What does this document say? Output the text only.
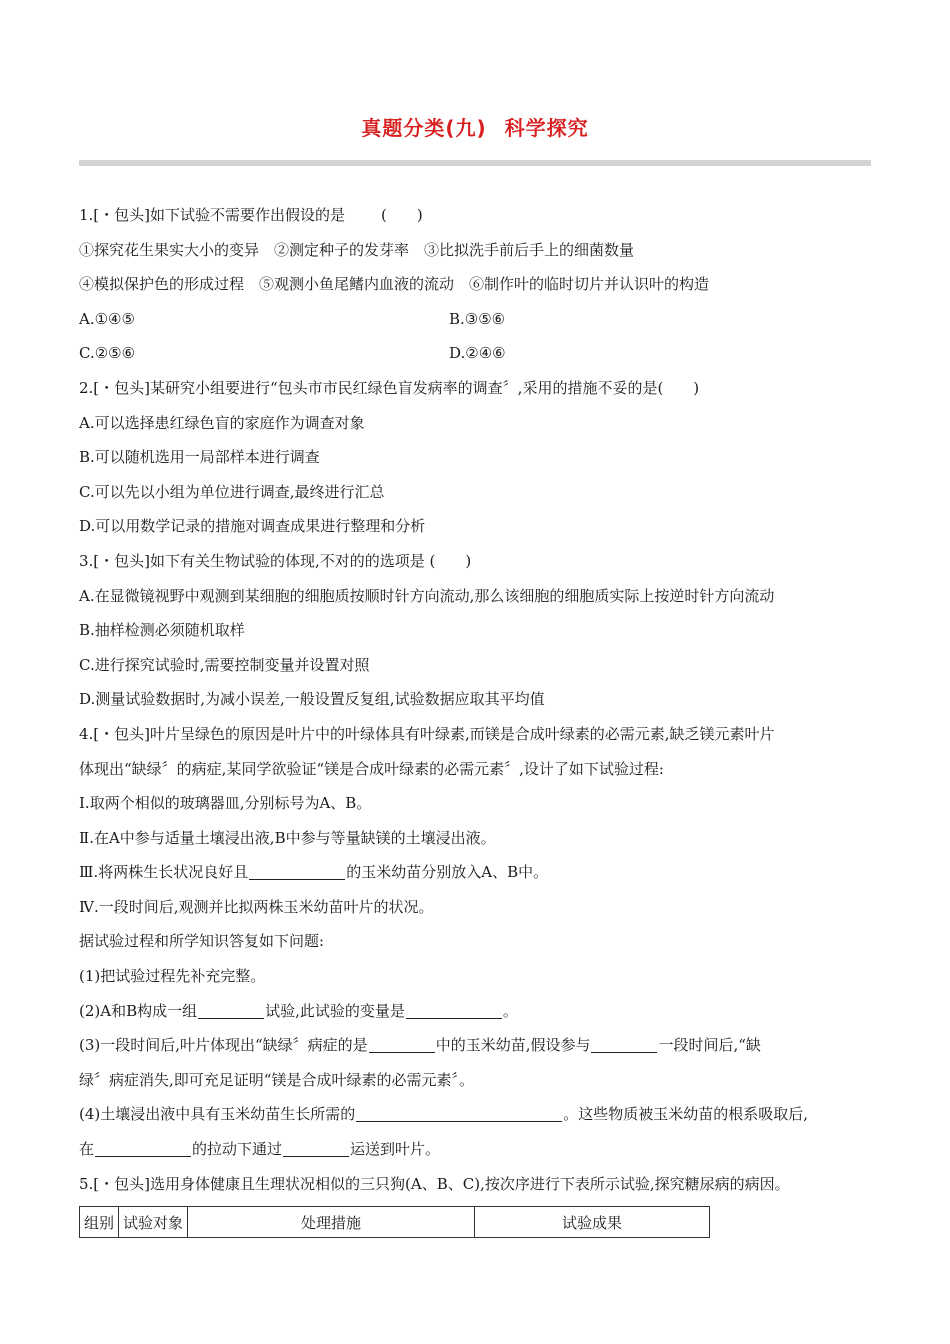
真题分类(九) 科学探究
1.[・包头]如下试验不需要作出假设的是 (　　)
①探究花生果实大小的变异　②测定种子的发芽率　③比拟洗手前后手上的细菌数量
④模拟保护色的形成过程　⑤观测小鱼尾鳍内血液的流动　⑥制作叶的临时切片并认识叶的构造
A.①④⑤	B.③⑤⑥
C.②⑤⑥	D.②④⑥
2.[・包头]某研究小组要进行“包头市市民红绿色盲发病率的调查〞,采用的措施不妥的是(　　)
A.可以选择患红绿色盲的家庭作为调查对象
B.可以随机选用一局部样本进行调查
C.可以先以小组为单位进行调查,最终进行汇总
D.可以用数学记录的措施对调查成果进行整理和分析
3.[・包头]如下有关生物试验的体现,不对的的选项是 (　　)
A.在显微镜视野中观测到某细胞的细胞质按顺时针方向流动,那么该细胞的细胞质实际上按逆时针方向流动
B.抽样检测必须随机取样
C.进行探究试验时,需要控制变量并设置对照
D.测量试验数据时,为减小误差,一般设置反复组,试验数据应取其平均值
4.[・包头]叶片呈绿色的原因是叶片中的叶绿体具有叶绿素,而镁是合成叶绿素的必需元素,缺乏镁元素叶片
体现出“缺绿〞的病症,某同学欲验证“镁是合成叶绿素的必需元素〞,设计了如下试验过程:
Ⅰ.取两个相似的玻璃器皿,分别标号为A、B。
Ⅱ.在A中参与适量土壤浸出液,B中参与等量缺镁的土壤浸出液。
Ⅲ.将两株生长状况良好且	的玉米幼苗分别放入A、B中。
Ⅳ.一段时间后,观测并比拟两株玉米幼苗叶片的状况。
据试验过程和所学知识答复如下问题:
(1)把试验过程先补充完整。
(2)A和B构成一组	试验,此试验的变量是	。
(3)一段时间后,叶片体现出“缺绿〞病症的是	中的玉米幼苗,假设参与	一段时间后,“缺
绿〞病症消失,即可充足证明“镁是合成叶绿素的必需元素〞。
(4)土壤浸出液中具有玉米幼苗生长所需的	。这些物质被玉米幼苗的根系吸取后,
在	的拉动下通过	运送到叶片。
5.[・包头]选用身体健康且生理状况相似的三只狗(A、B、C),按次序进行下表所示试验,探究糖尿病的病因。
组别	试验对象	处理措施	试验成果
